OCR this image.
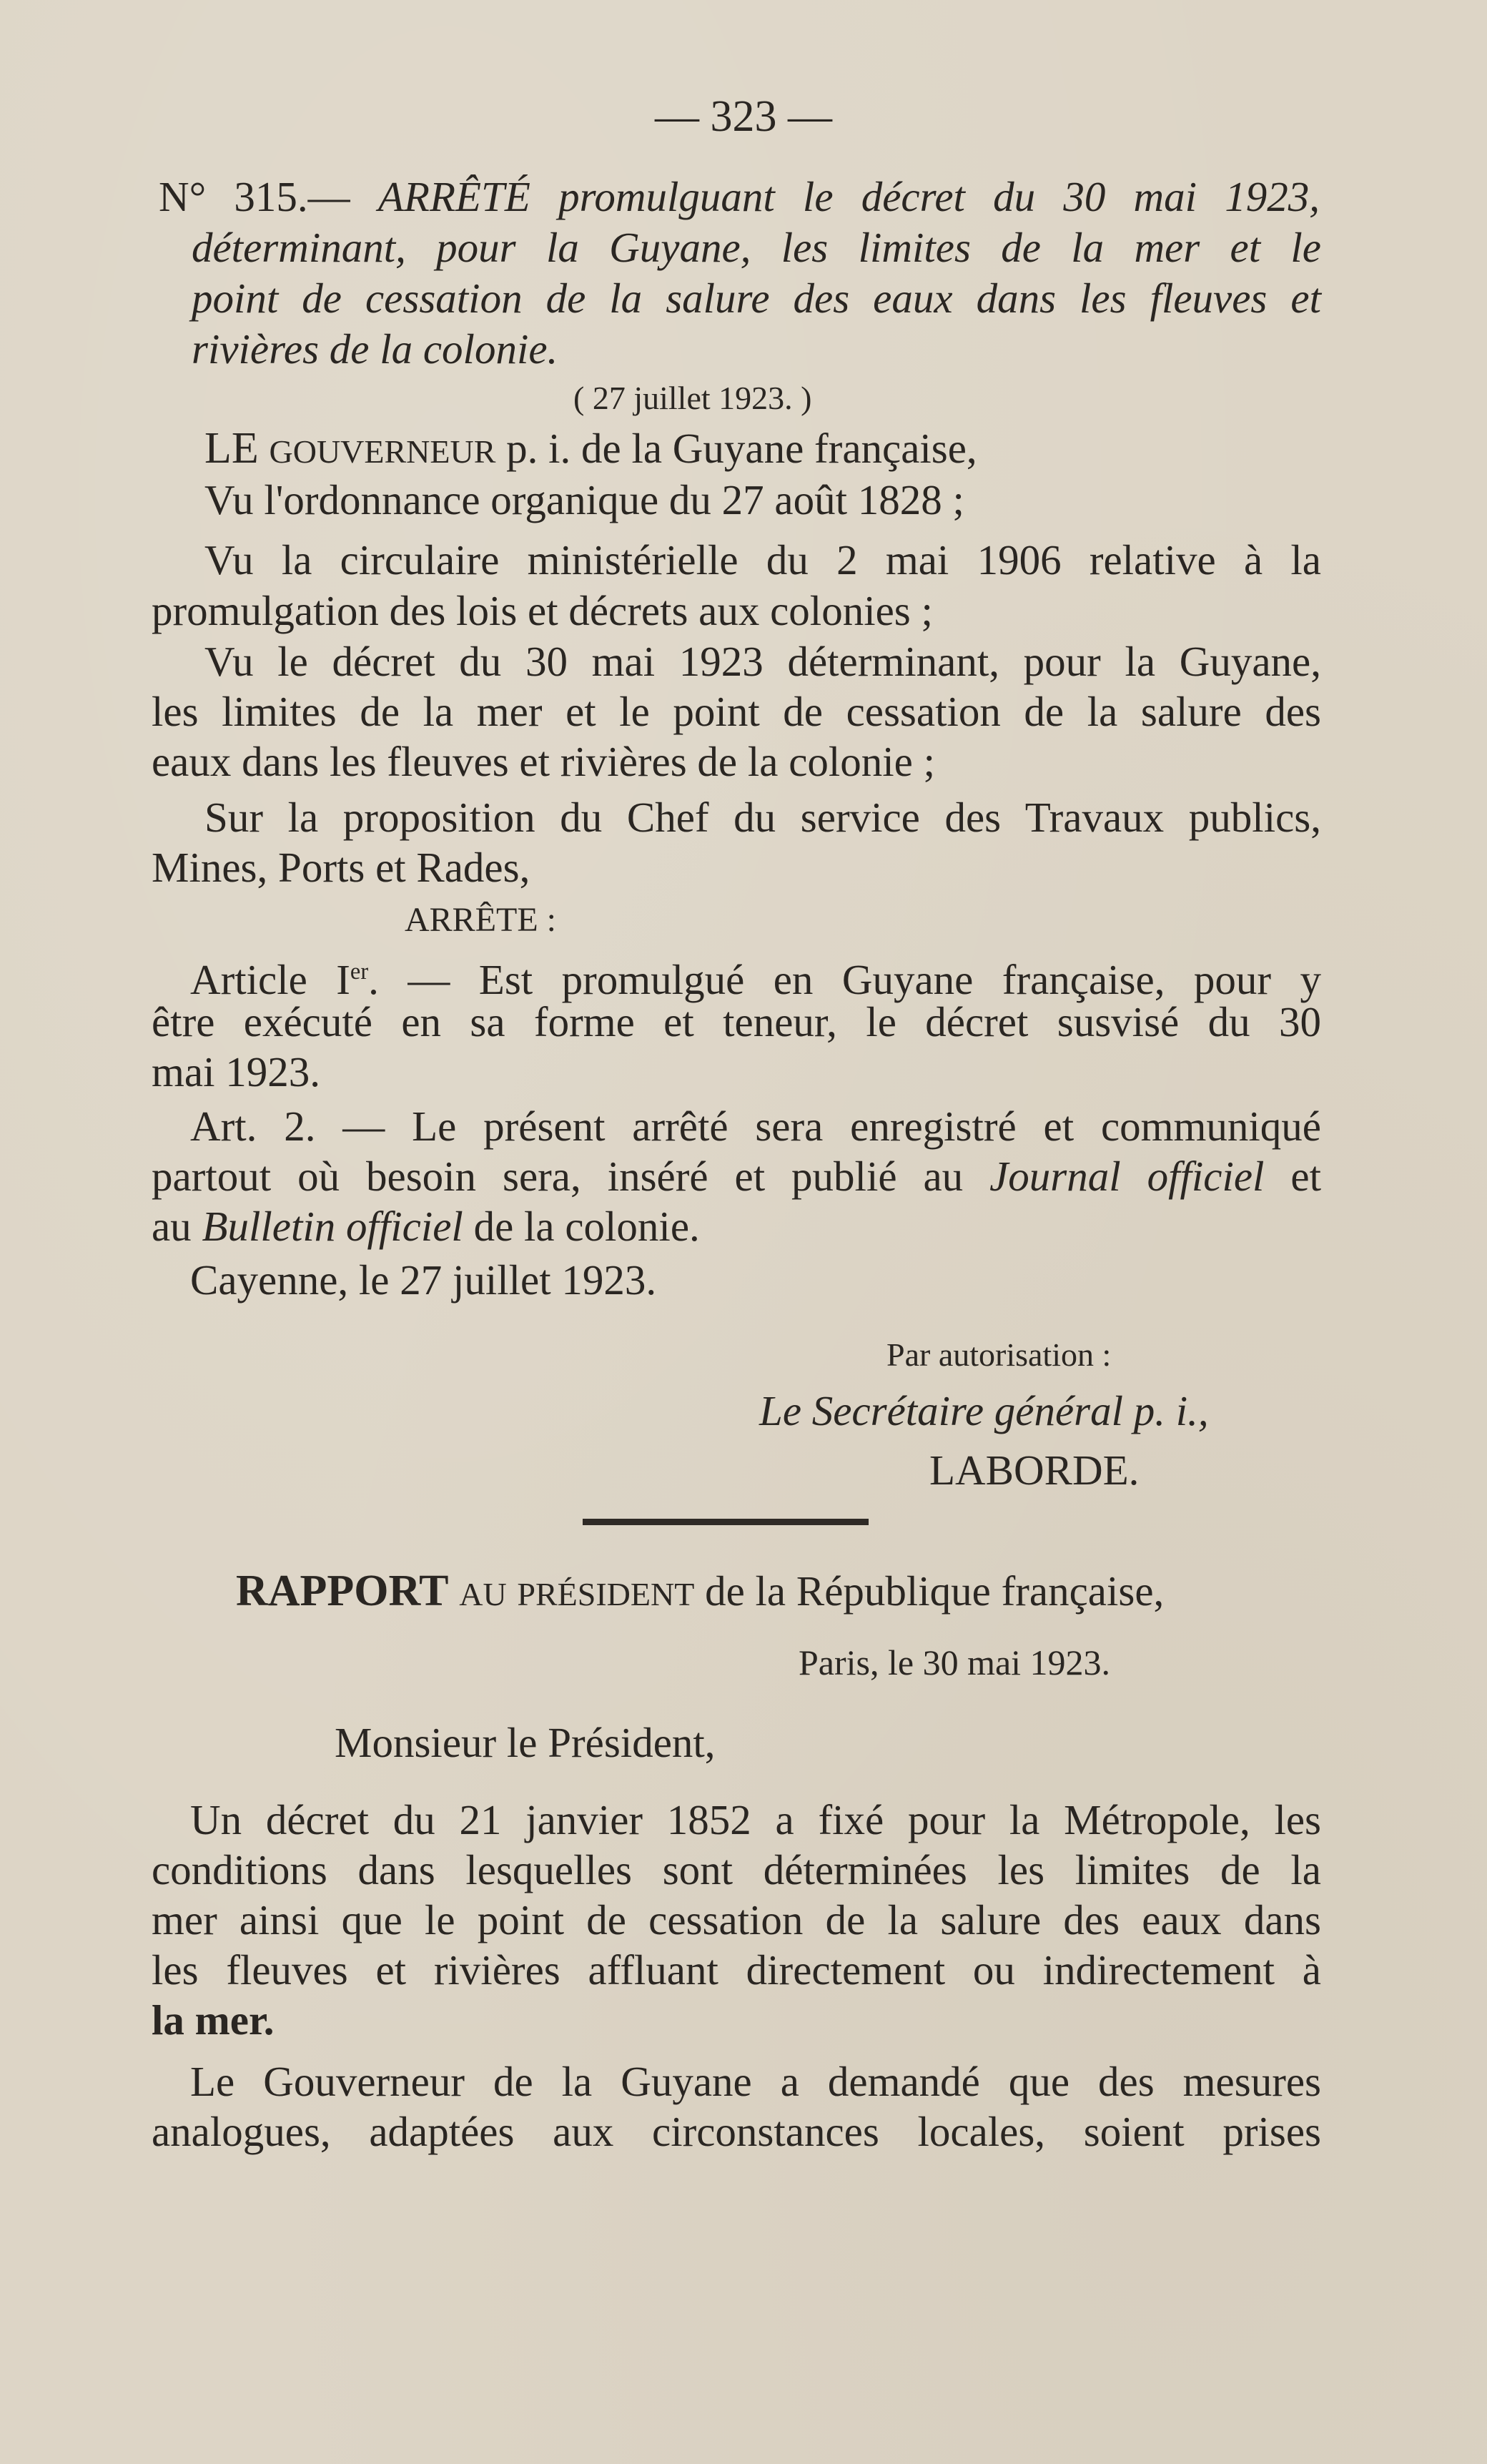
— 323 —
N° 315.— ARRÊTÉ promulguant le décret du 30 mai 1923,
déterminant, pour la Guyane, les limites de la mer et le
point de cessation de la salure des eaux dans les fleuves et
rivières de la colonie.
( 27 juillet 1923. )
LE GOUVERNEUR p. i. de la Guyane française,
Vu l'ordonnance organique du 27 août 1828 ;
Vu la circulaire ministérielle du 2 mai 1906 relative à la
promulgation des lois et décrets aux colonies ;
Vu le décret du 30 mai 1923 déterminant, pour la Guyane,
les limites de la mer et le point de cessation de la salure des
eaux dans les fleuves et rivières de la colonie ;
Sur la proposition du Chef du service des Travaux publics,
Mines, Ports et Rades,
ARRÊTE :
Article Ier. — Est promulgué en Guyane française, pour y
être exécuté en sa forme et teneur, le décret susvisé du 30
mai 1923.
Art. 2. — Le présent arrêté sera enregistré et communiqué
partout où besoin sera, inséré et publié au Journal officiel et
au Bulletin officiel de la colonie.
Cayenne, le 27 juillet 1923.
Par autorisation :
Le Secrétaire général p. i.,
LABORDE.
RAPPORT AU PRÉSIDENT de la République française,
Paris, le 30 mai 1923.
Monsieur le Président,
Un décret du 21 janvier 1852 a fixé pour la Métropole, les
conditions dans lesquelles sont déterminées les limites de la
mer ainsi que le point de cessation de la salure des eaux dans
les fleuves et rivières affluant directement ou indirectement à
la mer.
Le Gouverneur de la Guyane a demandé que des mesures
analogues, adaptées aux circonstances locales, soient prises
